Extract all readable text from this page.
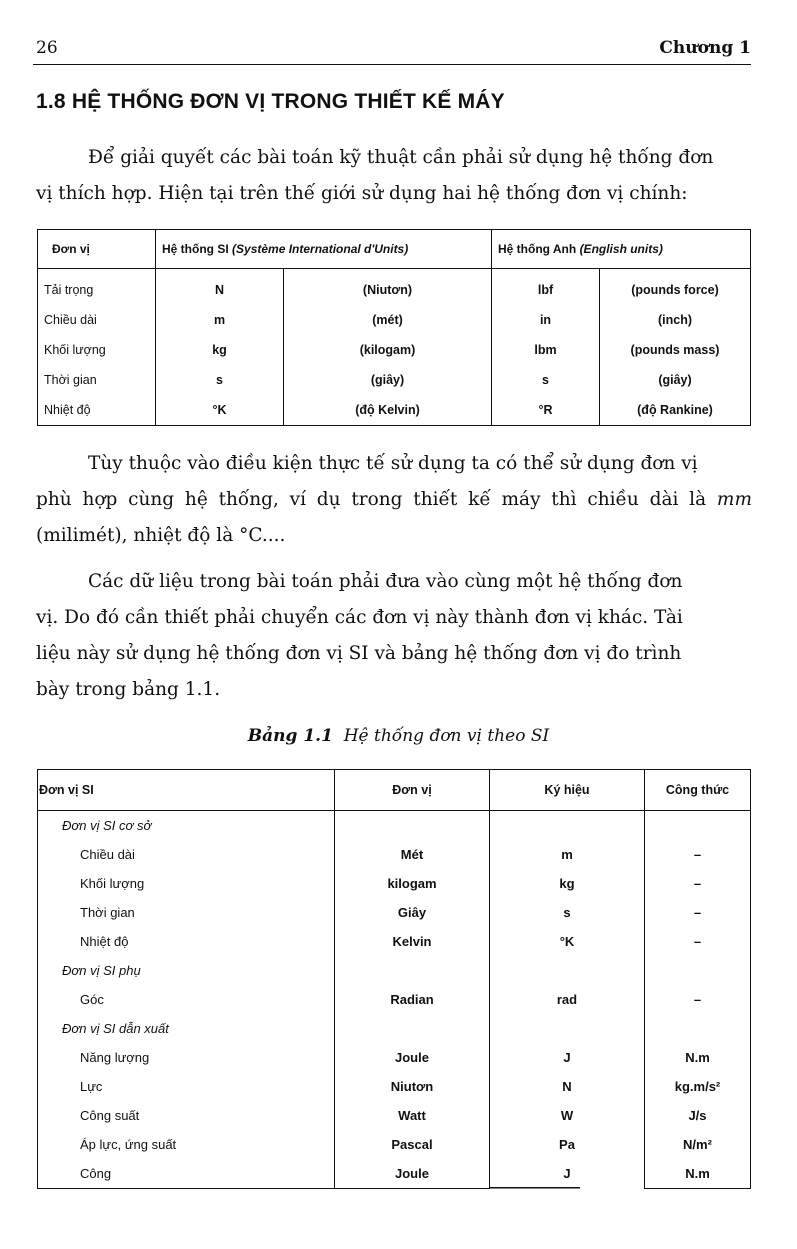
26	Chương 1
1.8 HỆ THỐNG ĐƠN VỊ TRONG THIẾT KẾ MÁY

Để giải quyết các bài toán kỹ thuật cần phải sử dụng hệ thống đơn

vị thích hợp. Hiện tại trên thế giới sử dụng hai hệ thống đơn vị chính:

Đơn vị	Hệ thống SI (Système International d'Units)		Hệ thống Anh (English units)	
Tải trọng	N	(Niutơn)	lbf	(pounds force)
Chiều dài	m	(mét)	in	(inch)
Khối lượng	kg	(kilogam)	lbm	(pounds mass)
Thời gian	s	(giây)	s	(giây)
Nhiệt độ	°K	(độ Kelvin)	°R	(độ Rankine)

Tùy thuộc vào điều kiện thực tế sử dụng ta có thể sử dụng đơn vị

phù hợp cùng hệ thống, ví dụ trong thiết kế máy thì chiều dài là mm

(milimét), nhiệt độ là °C....

Các dữ liệu trong bài toán phải đưa vào cùng một hệ thống đơn

vị. Do đó cần thiết phải chuyển các đơn vị này thành đơn vị khác. Tài

liệu này sử dụng hệ thống đơn vị SI và bảng hệ thống đơn vị đo trình

bày trong bảng 1.1.

Bảng 1.1 Hệ thống đơn vị theo SI
Đơn vị SI	Đơn vị	Ký hiệu	Công thức
Đơn vị SI cơ sở			
Chiều dài	Mét	m	–
Khối lượng	kilogam	kg	–
Thời gian	Giây	s	–
Nhiệt độ	Kelvin	°K	–
Đơn vị SI phụ			
Góc	Radian	rad	–
Đơn vị SI dẫn xuất			
Năng lượng	Joule	J	N.m
Lực	Niutơn	N	kg.m/s²
Công suất	Watt	W	J/s
Áp lực, ứng suất	Pascal	Pa	N/m²
Công	Joule	J	N.m
